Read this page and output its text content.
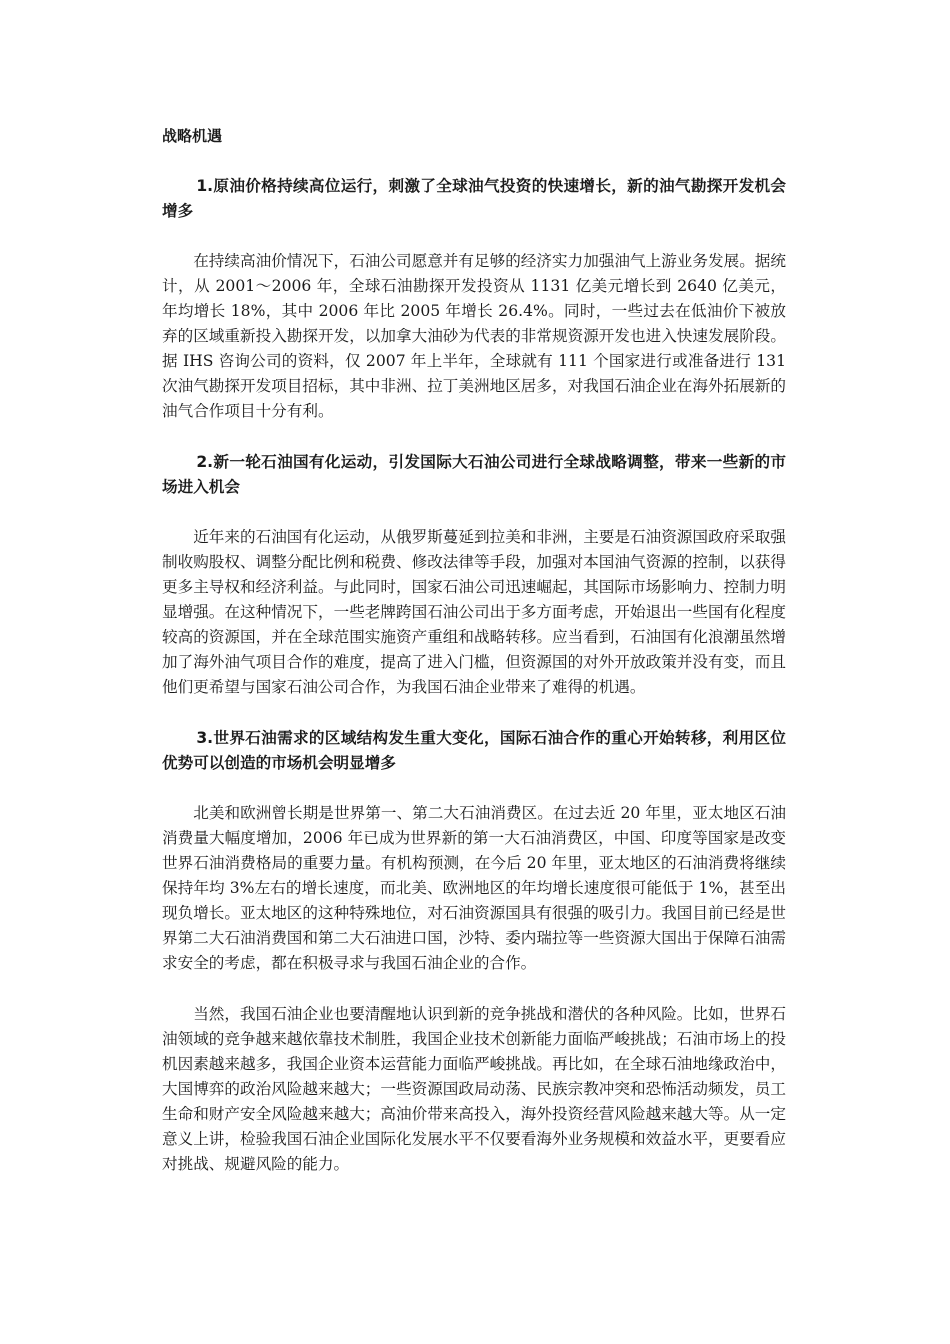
战略机遇

1.原油价格持续高位运行，刺激了全球油气投资的快速增长，新的油气勘探开发机会增多

在持续高油价情况下，石油公司愿意并有足够的经济实力加强油气上游业务发展。据统计，从 2001～2006 年，全球石油勘探开发投资从 1131 亿美元增长到 2640 亿美元，年均增长 18%，其中 2006 年比 2005 年增长 26.4%。同时，一些过去在低油价下被放弃的区域重新投入勘探开发，以加拿大油砂为代表的非常规资源开发也进入快速发展阶段。据 IHS 咨询公司的资料，仅 2007 年上半年，全球就有 111 个国家进行或准备进行 131 次油气勘探开发项目招标，其中非洲、拉丁美洲地区居多，对我国石油企业在海外拓展新的油气合作项目十分有利。

2.新一轮石油国有化运动，引发国际大石油公司进行全球战略调整，带来一些新的市场进入机会

近年来的石油国有化运动，从俄罗斯蔓延到拉美和非洲，主要是石油资源国政府采取强制收购股权、调整分配比例和税费、修改法律等手段，加强对本国油气资源的控制，以获得更多主导权和经济利益。与此同时，国家石油公司迅速崛起，其国际市场影响力、控制力明显增强。在这种情况下，一些老牌跨国石油公司出于多方面考虑，开始退出一些国有化程度较高的资源国，并在全球范围实施资产重组和战略转移。应当看到，石油国有化浪潮虽然增加了海外油气项目合作的难度，提高了进入门槛，但资源国的对外开放政策并没有变，而且他们更希望与国家石油公司合作，为我国石油企业带来了难得的机遇。

3.世界石油需求的区域结构发生重大变化，国际石油合作的重心开始转移，利用区位优势可以创造的市场机会明显增多

北美和欧洲曾长期是世界第一、第二大石油消费区。在过去近 20 年里，亚太地区石油消费量大幅度增加，2006 年已成为世界新的第一大石油消费区，中国、印度等国家是改变世界石油消费格局的重要力量。有机构预测，在今后 20 年里，亚太地区的石油消费将继续保持年均 3%左右的增长速度，而北美、欧洲地区的年均增长速度很可能低于 1%，甚至出现负增长。亚太地区的这种特殊地位，对石油资源国具有很强的吸引力。我国目前已经是世界第二大石油消费国和第二大石油进口国，沙特、委内瑞拉等一些资源大国出于保障石油需求安全的考虑，都在积极寻求与我国石油企业的合作。

当然，我国石油企业也要清醒地认识到新的竞争挑战和潜伏的各种风险。比如，世界石油领域的竞争越来越依靠技术制胜，我国企业技术创新能力面临严峻挑战；石油市场上的投机因素越来越多，我国企业资本运营能力面临严峻挑战。再比如，在全球石油地缘政治中，大国博弈的政治风险越来越大；一些资源国政局动荡、民族宗教冲突和恐怖活动频发，员工生命和财产安全风险越来越大；高油价带来高投入，海外投资经营风险越来越大等。从一定意义上讲，检验我国石油企业国际化发展水平不仅要看海外业务规模和效益水平，更要看应对挑战、规避风险的能力。
